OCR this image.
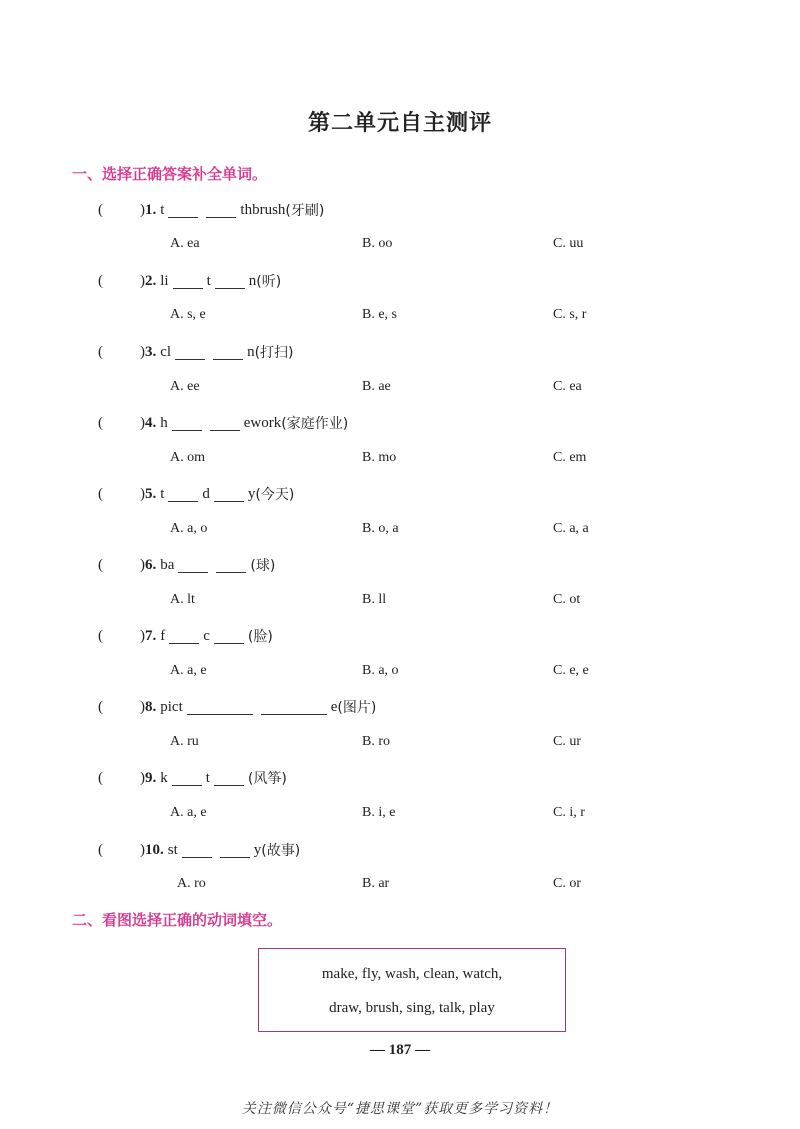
第二单元自主测评
一、选择正确答案补全单词。
(	) 1. t	thbrush (牙刷)
A. ea	B. oo	C. uu
(	) 2. li	t	n (听)
A. s, e	B. e, s	C. s, r
(	) 3. cl	n (打扫)
A. ee	B. ae	C. ea
(	) 4. h	ework (家庭作业)
A. om	B. mo	C. em
(	) 5. t	d	y (今天)
A. a, o	B. o, a	C. a, a
(	) 6. ba	(球)
A. lt	B. ll	C. ot
(	) 7. f	c	(脸)
A. a, e	B. a, o	C. e, e
(	) 8. pict	e (图片)
A. ru	B. ro	C. ur
(	) 9. k	t	(风筝)
A. a, e	B. i, e	C. i, r
(	) 10. st	y (故事)
A. ro	B. ar	C. or
二、看图选择正确的动词填空。
make, fly, wash, clean, watch,
draw, brush, sing, talk, play
— 187 —
关注微信公众号“捷思课堂”获取更多学习资料！
